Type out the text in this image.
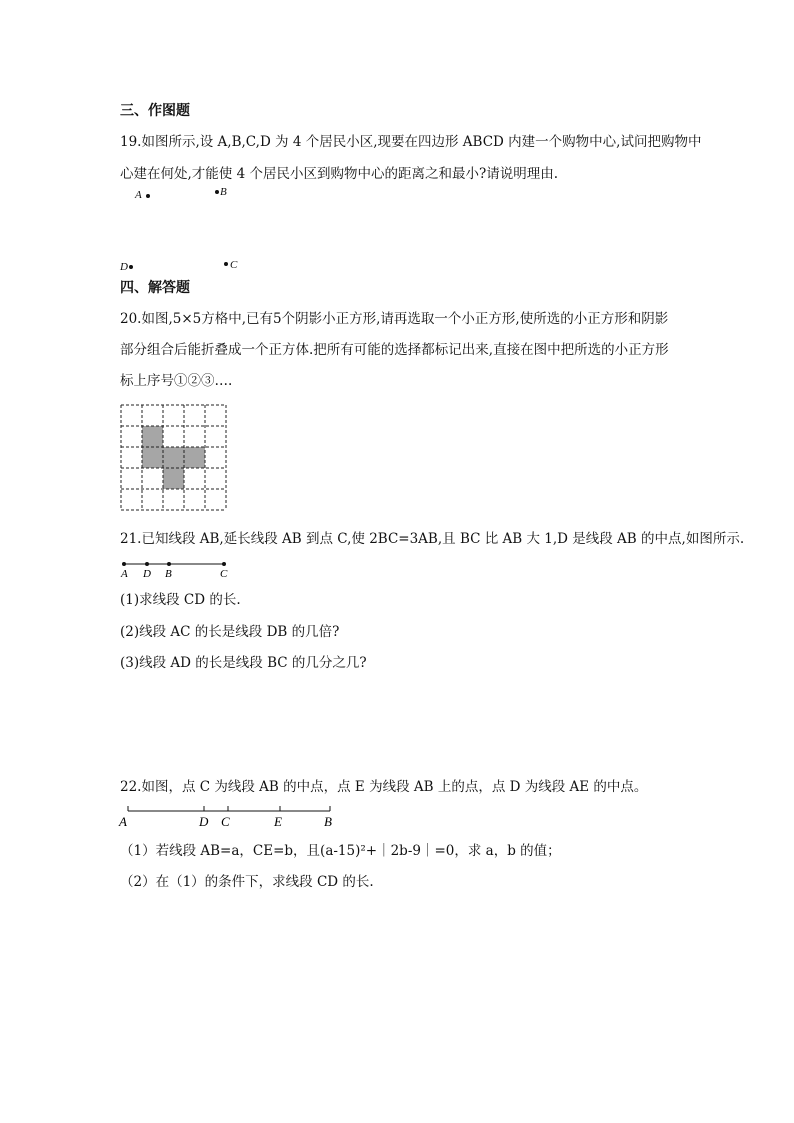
三、作图题
19.如图所示,设 A,B,C,D 为 4 个居民小区,现要在四边形 ABCD 内建一个购物中心,试问把购物中
心建在何处,才能使 4 个居民小区到购物中心的距离之和最小?请说明理由.
A	B
D	C
四、解答题
20.如图,5×5方格中,已有5个阴影小正方形,请再选取一个小正方形,使所选的小正方形和阴影
部分组合后能折叠成一个正方体.把所有可能的选择都标记出来,直接在图中把所选的小正方形
标上序号①②③….
21.已知线段 AB,延长线段 AB 到点 C,使 2BC=3AB,且 BC 比 AB 大 1,D 是线段 AB 的中点,如图所示.
A D B	C
(1)求线段 CD 的长.
(2)线段 AC 的长是线段 DB 的几倍?
(3)线段 AD 的长是线段 BC 的几分之几?
22.如图，点 C 为线段 AB 的中点，点 E 为线段 AB 上的点，点 D 为线段 AE 的中点。
A	D C	E	B
（1）若线段 AB=a，CE=b，且(a-15)²+｜2b-9｜=0，求 a，b 的值；
（2）在（1）的条件下，求线段 CD 的长.
